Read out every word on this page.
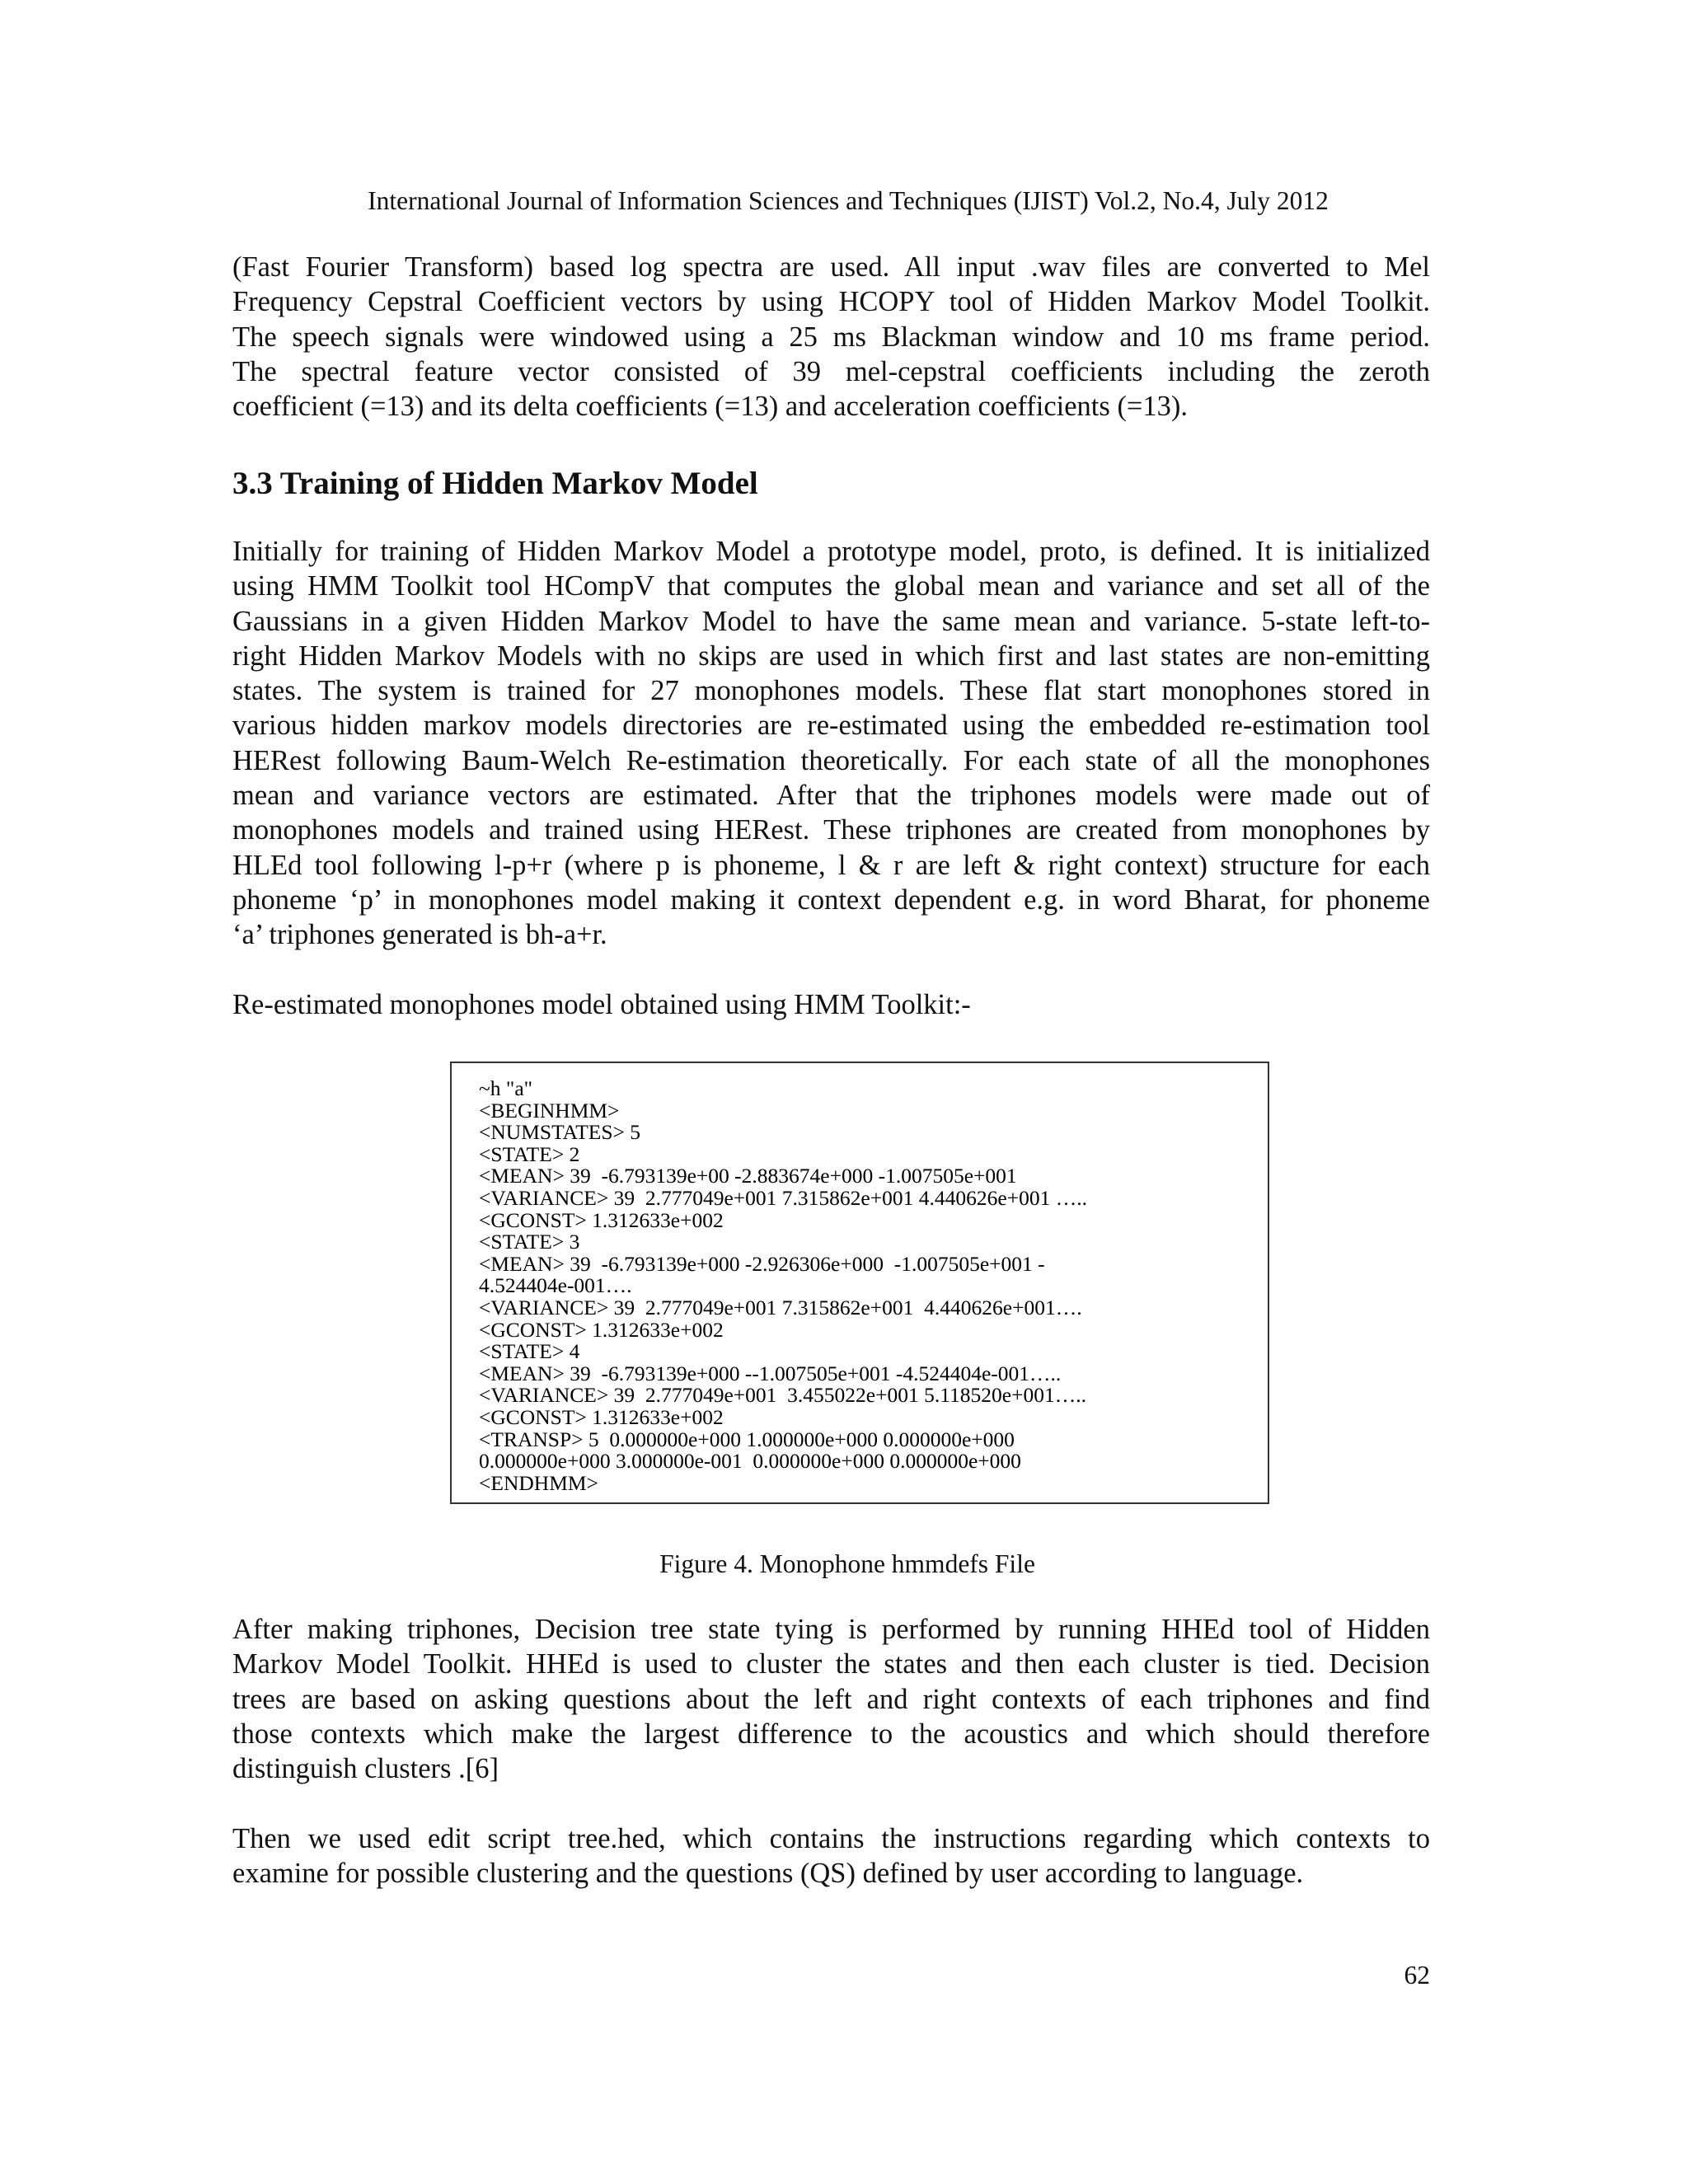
International Journal of Information Sciences and Techniques (IJIST) Vol.2, No.4, July 2012

(Fast Fourier Transform) based log spectra are used. All input .wav files are converted to Mel
Frequency Cepstral Coefficient vectors by using HCOPY tool of Hidden Markov Model Toolkit.
The speech signals were windowed using a 25 ms Blackman window and 10 ms frame period.
The spectral feature vector consisted of 39 mel-cepstral coefficients including the zeroth
coefficient (=13) and its delta coefficients (=13) and acceleration coefficients (=13).

3.3 Training of Hidden Markov Model

Initially for training of Hidden Markov Model a prototype model, proto, is defined. It is initialized
using HMM Toolkit tool HCompV that computes the global mean and variance and set all of the
Gaussians in a given Hidden Markov Model to have the same mean and variance. 5-state left-to-
right Hidden Markov Models with no skips are used in which first and last states are non-emitting
states. The system is trained for 27 monophones models. These flat start monophones stored in
various hidden markov models directories are re-estimated using the embedded re-estimation tool
HERest following Baum-Welch Re-estimation theoretically. For each state of all the monophones
mean and variance vectors are estimated. After that the triphones models were made out of
monophones models and trained using HERest. These triphones are created from monophones by
HLEd tool following l-p+r (where p is phoneme, l & r are left & right context) structure for each
phoneme ‘p’ in monophones model making it context dependent e.g. in word Bharat, for phoneme
‘a’ triphones generated is bh-a+r.

Re-estimated monophones model obtained using HMM Toolkit:-

~h "a"
<BEGINHMM>
<NUMSTATES> 5
<STATE> 2
<MEAN> 39  -6.793139e+00 -2.883674e+000 -1.007505e+001
<VARIANCE> 39  2.777049e+001 7.315862e+001 4.440626e+001 …..
<GCONST> 1.312633e+002
<STATE> 3
<MEAN> 39  -6.793139e+000 -2.926306e+000  -1.007505e+001 -
4.524404e-001….
<VARIANCE> 39  2.777049e+001 7.315862e+001  4.440626e+001….
<GCONST> 1.312633e+002
<STATE> 4
<MEAN> 39  -6.793139e+000 --1.007505e+001 -4.524404e-001…..
<VARIANCE> 39  2.777049e+001  3.455022e+001 5.118520e+001…..
<GCONST> 1.312633e+002
<TRANSP> 5  0.000000e+000 1.000000e+000 0.000000e+000
0.000000e+000 3.000000e-001  0.000000e+000 0.000000e+000
<ENDHMM>
Figure 4. Monophone hmmdefs File

After making triphones, Decision tree state tying is performed by running HHEd tool of Hidden
Markov Model Toolkit. HHEd is used to cluster the states and then each cluster is tied. Decision
trees are based on asking questions about the left and right contexts of each triphones and find
those contexts which make the largest difference to the acoustics and which should therefore
distinguish clusters .[6]

Then we used edit script tree.hed, which contains the instructions regarding which contexts to
examine for possible clustering and the questions (QS) defined by user according to language.

62
